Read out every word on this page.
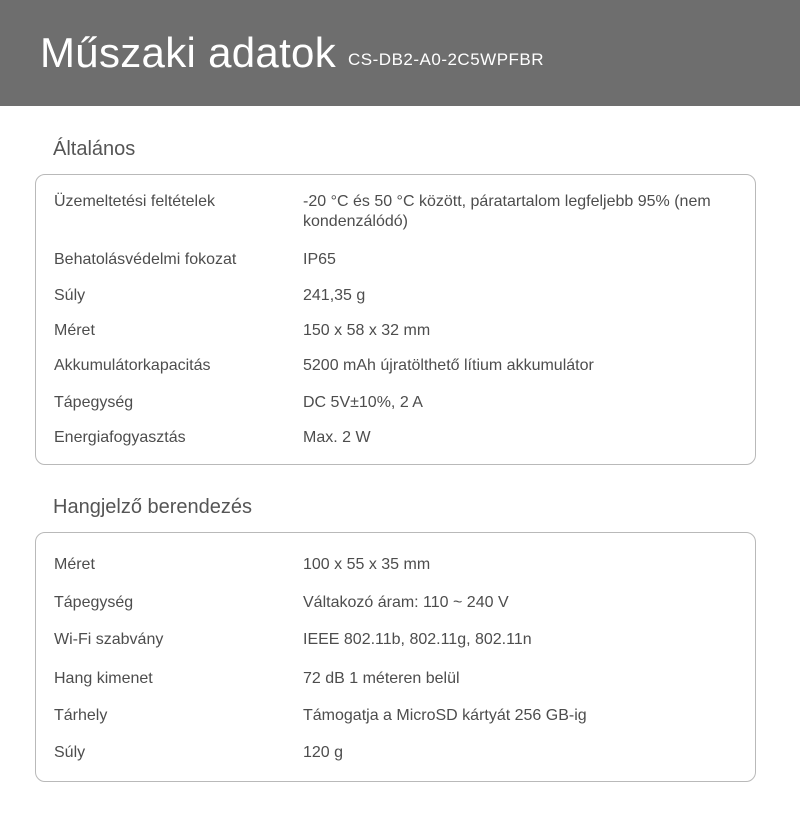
Műszaki adatok CS-DB2-A0-2C5WPFBR
Általános
Üzemeltetési feltételek	-20 °C és 50 °C között, páratartalom legfeljebb 95% (nem kondenzálódó)
Behatolásvédelmi fokozat	IP65
Súly	241,35 g
Méret	150 x 58 x 32 mm
Akkumulátorkapacitás	5200 mAh újratölthető lítium akkumulátor
Tápegység	DC 5V±10%, 2 A
Energiafogyasztás	Max. 2 W
Hangjelző berendezés
Méret	100 x 55 x 35 mm
Tápegység	Váltakozó áram: 110 ~ 240 V
Wi-Fi szabvány	IEEE 802.11b, 802.11g, 802.11n
Hang kimenet	72 dB 1 méteren belül
Tárhely	Támogatja a MicroSD kártyát 256 GB-ig
Súly	120 g
